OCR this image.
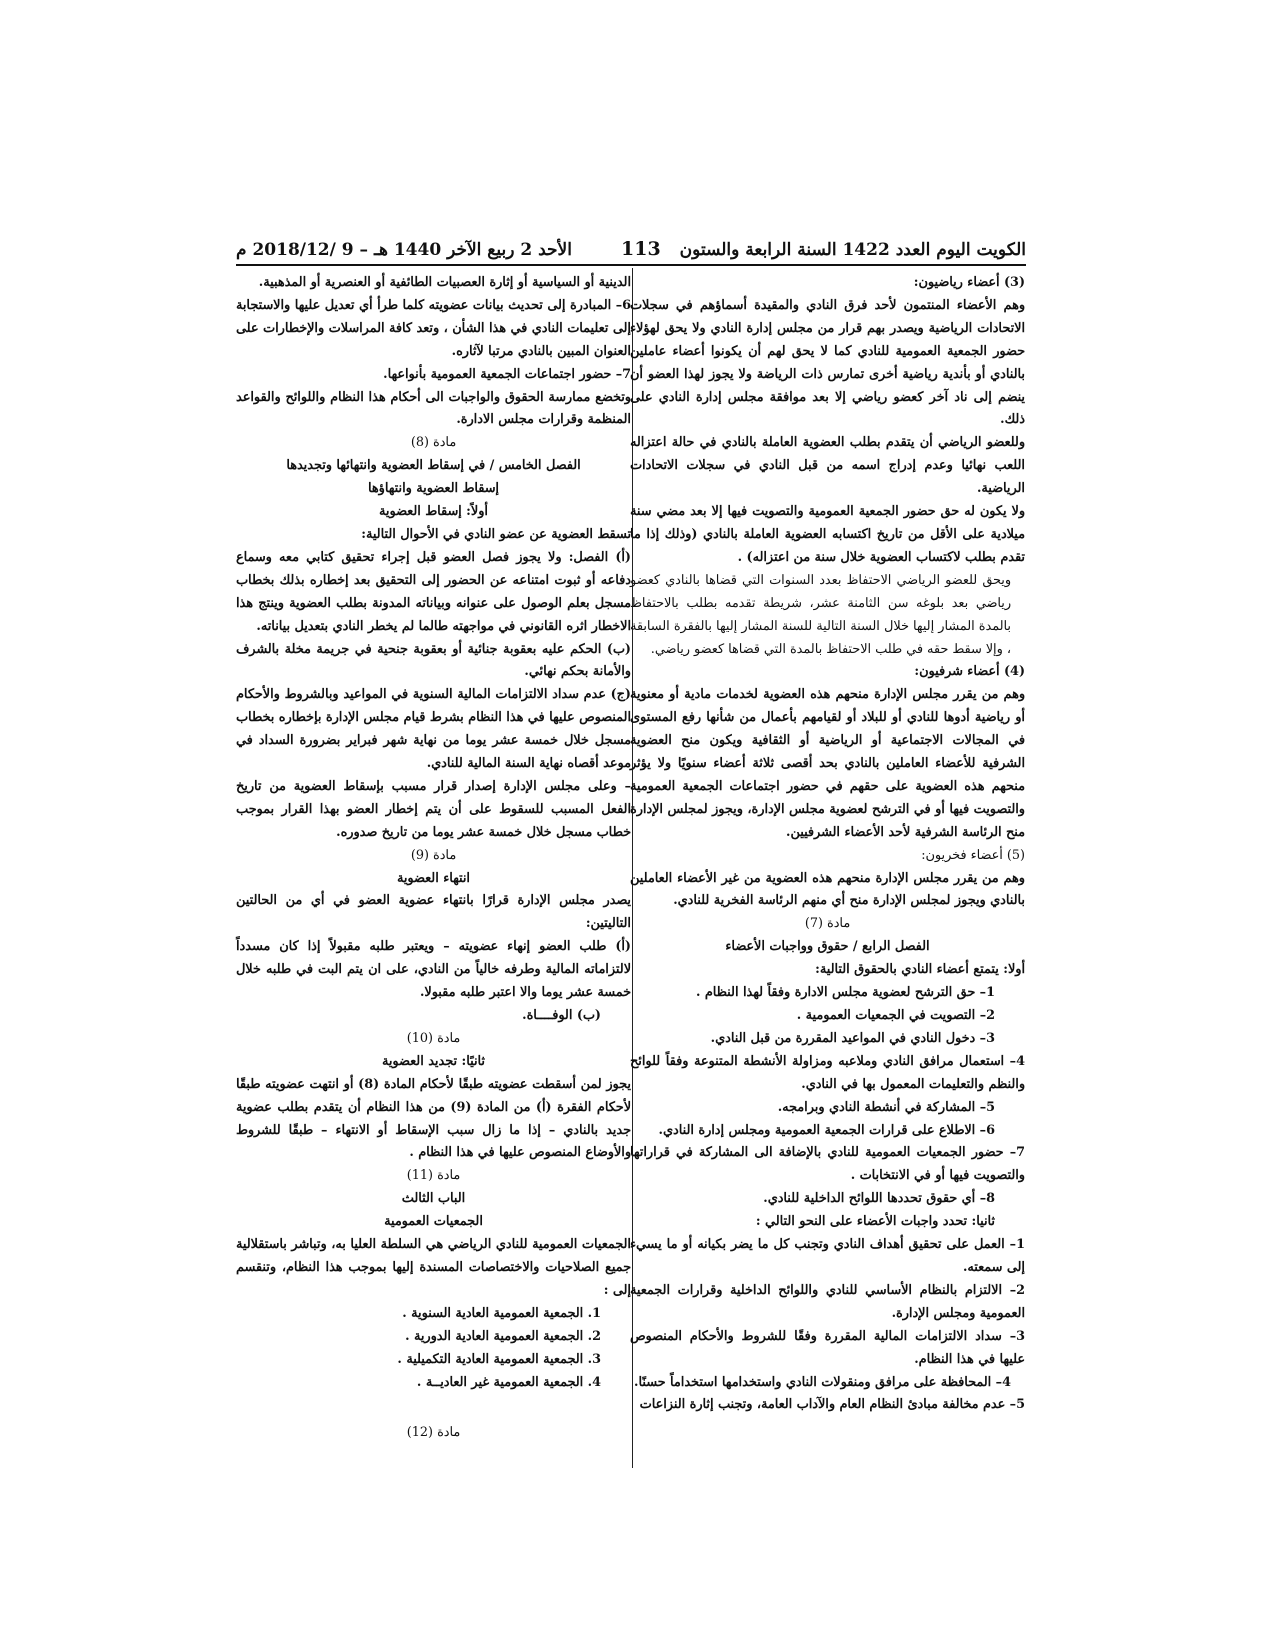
الكويت اليوم العدد 1422 السنة الرابعة والستون
113
الأحد 2 ربيع الآخر 1440 هـ – 9 /2018/12 م

(3) أعضاء رياضيون:

وهم الأعضاء المنتمون لأحد فرق النادي والمقيدة أسماؤهم في سجلات الاتحادات الرياضية ويصدر بهم قرار من مجلس إدارة النادي ولا يحق لهؤلاء حضور الجمعية العمومية للنادي كما لا يحق لهم أن يكونوا أعضاء عاملين بالنادي أو بأندية رياضية أخرى تمارس ذات الرياضة ولا يجوز لهذا العضو أن ينضم إلى ناد آخر كعضو رياضي إلا بعد موافقة مجلس إدارة النادي على ذلك.

وللعضو الرياضي أن يتقدم بطلب العضوية العاملة بالنادي في حالة اعتزاله اللعب نهائيا وعدم إدراج اسمه من قبل النادي في سجلات الاتحادات الرياضية.

ولا يكون له حق حضور الجمعية العمومية والتصويت فيها إلا بعد مضي سنة ميلادية على الأقل من تاريخ اكتسابه العضوية العاملة بالنادي (وذلك إذا ما تقدم بطلب لاكتساب العضوية خلال سنة من اعتزاله) .

ويحق للعضو الرياضي الاحتفاظ بعدد السنوات التي قضاها بالنادي كعضو رياضي بعد بلوغه سن الثامنة عشر، شريطة تقدمه بطلب بالاحتفاظ بالمدة المشار إليها خلال السنة التالية للسنة المشار إليها بالفقرة السابقة ، وإلا سقط حقه في طلب الاحتفاظ بالمدة التي قضاها كعضو رياضي.

(4) أعضاء شرفيون:

وهم من يقرر مجلس الإدارة منحهم هذه العضوية لخدمات مادية أو معنوية أو رياضية أدوها للنادي أو للبلاد أو لقيامهم بأعمال من شأنها رفع المستوى في المجالات الاجتماعية أو الرياضية أو الثقافية ويكون منح العضوية الشرفية للأعضاء العاملين بالنادي بحد أقصى ثلاثة أعضاء سنويًا ولا يؤثر منحهم هذه العضوية على حقهم في حضور اجتماعات الجمعية العمومية والتصويت فيها أو في الترشح لعضوية مجلس الإدارة، ويجوز لمجلس الإدارة منح الرئاسة الشرفية لأحد الأعضاء الشرفيين.

(5) أعضاء فخريون:

وهم من يقرر مجلس الإدارة منحهم هذه العضوية من غير الأعضاء العاملين بالنادي ويجوز لمجلس الإدارة منح أي منهم الرئاسة الفخرية للنادي.

مادة (7)

الفصل الرابع / حقوق وواجبات الأعضاء

أولا: يتمتع أعضاء النادي بالحقوق التالية:

1– حق الترشح لعضوية مجلس الادارة وفقاً لهذا النظام .

2– التصويت في الجمعيات العمومية .

3– دخول النادي في المواعيد المقررة من قبل النادي.

4– استعمال مرافق النادي وملاعبه ومزاولة الأنشطة المتنوعة وفقاً للوائح والنظم والتعليمات المعمول بها في النادي.

5– المشاركة في أنشطة النادي وبرامجه.

6– الاطلاع على قرارات الجمعية العمومية ومجلس إدارة النادي.

7– حضور الجمعيات العمومية للنادي بالإضافة الى المشاركة في قراراتها والتصويت فيها أو في الانتخابات .

8– أي حقوق تحددها اللوائح الداخلية للنادي.

ثانيا: تحدد واجبات الأعضاء على النحو التالي :

1– العمل على تحقيق أهداف النادي وتجنب كل ما يضر بكيانه أو ما يسيء إلى سمعته.

2– الالتزام بالنظام الأساسي للنادي واللوائح الداخلية وقرارات الجمعية العمومية ومجلس الإدارة.

3– سداد الالتزامات المالية المقررة وفقًا للشروط والأحكام المنصوص عليها في هذا النظام.

4– المحافظة على مرافق ومنقولات النادي واستخدامها استخداماً حسنًا.

5– عدم مخالفة مبادئ النظام العام والآداب العامة، وتجنب إثارة النزاعات

الدينية أو السياسية أو إثارة العصبيات الطائفية أو العنصرية أو المذهبية.

6– المبادرة إلى تحديث بيانات عضويته كلما طرأ أي تعديل عليها والاستجابة إلى تعليمات النادي في هذا الشأن ، وتعد كافة المراسلات والإخطارات على العنوان المبين بالنادي مرتبا لآثاره.

7– حضور اجتماعات الجمعية العمومية بأنواعها.

وتخضع ممارسة الحقوق والواجبات الى أحكام هذا النظام واللوائح والقواعد المنظمة وقرارات مجلس الادارة.

مادة (8)

الفصل الخامس / في إسقاط العضوية وانتهائها وتجديدها

إسقاط العضوية وانتهاؤها

أولاً: إسقاط العضوية

تسقط العضوية عن عضو النادي في الأحوال التالية:

(أ) الفصل: ولا يجوز فصل العضو قبل إجراء تحقيق كتابي معه وسماع دفاعه أو ثبوت امتناعه عن الحضور إلى التحقيق بعد إخطاره بذلك بخطاب مسجل بعلم الوصول على عنوانه وبياناته المدونة بطلب العضوية وينتج هذا الاخطار اثره القانوني في مواجهته طالما لم يخطر النادي بتعديل بياناته.

(ب) الحكم عليه بعقوبة جنائية أو بعقوبة جنحية في جريمة مخلة بالشرف والأمانة بحكم نهائي.

(ج) عدم سداد الالتزامات المالية السنوية في المواعيد وبالشروط والأحكام المنصوص عليها في هذا النظام بشرط قيام مجلس الإدارة بإخطاره بخطاب مسجل خلال خمسة عشر يوما من نهاية شهر فبراير بضرورة السداد في موعد أقصاه نهاية السنة المالية للنادي.

– وعلى مجلس الإدارة إصدار قرار مسبب بإسقاط العضوية من تاريخ الفعل المسبب للسقوط على أن يتم إخطار العضو بهذا القرار بموجب خطاب مسجل خلال خمسة عشر يوما من تاريخ صدوره.

مادة (9)

انتهاء العضوية

يصدر مجلس الإدارة قرارًا بانتهاء عضوية العضو في أي من الحالتين التاليتين:

(أ) طلب العضو إنهاء عضويته – ويعتبر طلبه مقبولاً إذا كان مسدداً لالتزاماته المالية وطرفه خالياً من النادي، على ان يتم البت في طلبه خلال خمسة عشر يوما والا اعتبر طلبه مقبولا.

(ب) الوفــــاة.

مادة (10)

ثانيًا: تجديد العضوية

يجوز لمن أسقطت عضويته طبقًا لأحكام المادة (8) أو انتهت عضويته طبقًا لأحكام الفقرة (أ) من المادة (9) من هذا النظام أن يتقدم بطلب عضوية جديد بالنادي – إذا ما زال سبب الإسقاط أو الانتهاء – طبقًا للشروط والأوضاع المنصوص عليها في هذا النظام .

مادة (11)

الباب الثالث

الجمعيات العمومية

الجمعيات العمومية للنادي الرياضي هي السلطة العليا به، وتباشر باستقلالية جميع الصلاحيات والاختصاصات المسندة إليها بموجب هذا النظام، وتنقسم إلى :

1. الجمعية العمومية العادية السنوية .

2. الجمعية العمومية العادية الدورية .

3. الجمعية العمومية العادية التكميلية .

4. الجمعية العمومية غير العاديــة .

مادة (12)
